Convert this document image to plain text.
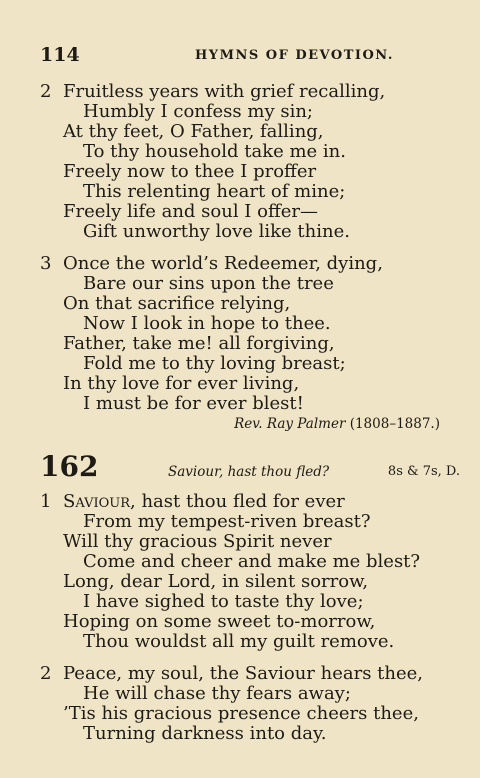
114	HYMNS OF DEVOTION.
2 Fruitless years with grief recalling,
Humbly I confess my sin;
At thy feet, O Father, falling,
To thy household take me in.
Freely now to thee I proffer
This relenting heart of mine;
Freely life and soul I offer—
Gift unworthy love like thine.
3 Once the world’s Redeemer, dying,
Bare our sins upon the tree
On that sacrifice relying,
Now I look in hope to thee.
Father, take me! all forgiving,
Fold me to thy loving breast;
In thy love for ever living,
I must be for ever blest!
Rev. Ray Palmer (1808–1887.)
162	Saviour, hast thou fled?	8s & 7s, D.
1 Saviour, hast thou fled for ever
From my tempest-riven breast?
Will thy gracious Spirit never
Come and cheer and make me blest?
Long, dear Lord, in silent sorrow,
I have sighed to taste thy love;
Hoping on some sweet to-morrow,
Thou wouldst all my guilt remove.
2 Peace, my soul, the Saviour hears thee,
He will chase thy fears away;
’Tis his gracious presence cheers thee,
Turning darkness into day.
